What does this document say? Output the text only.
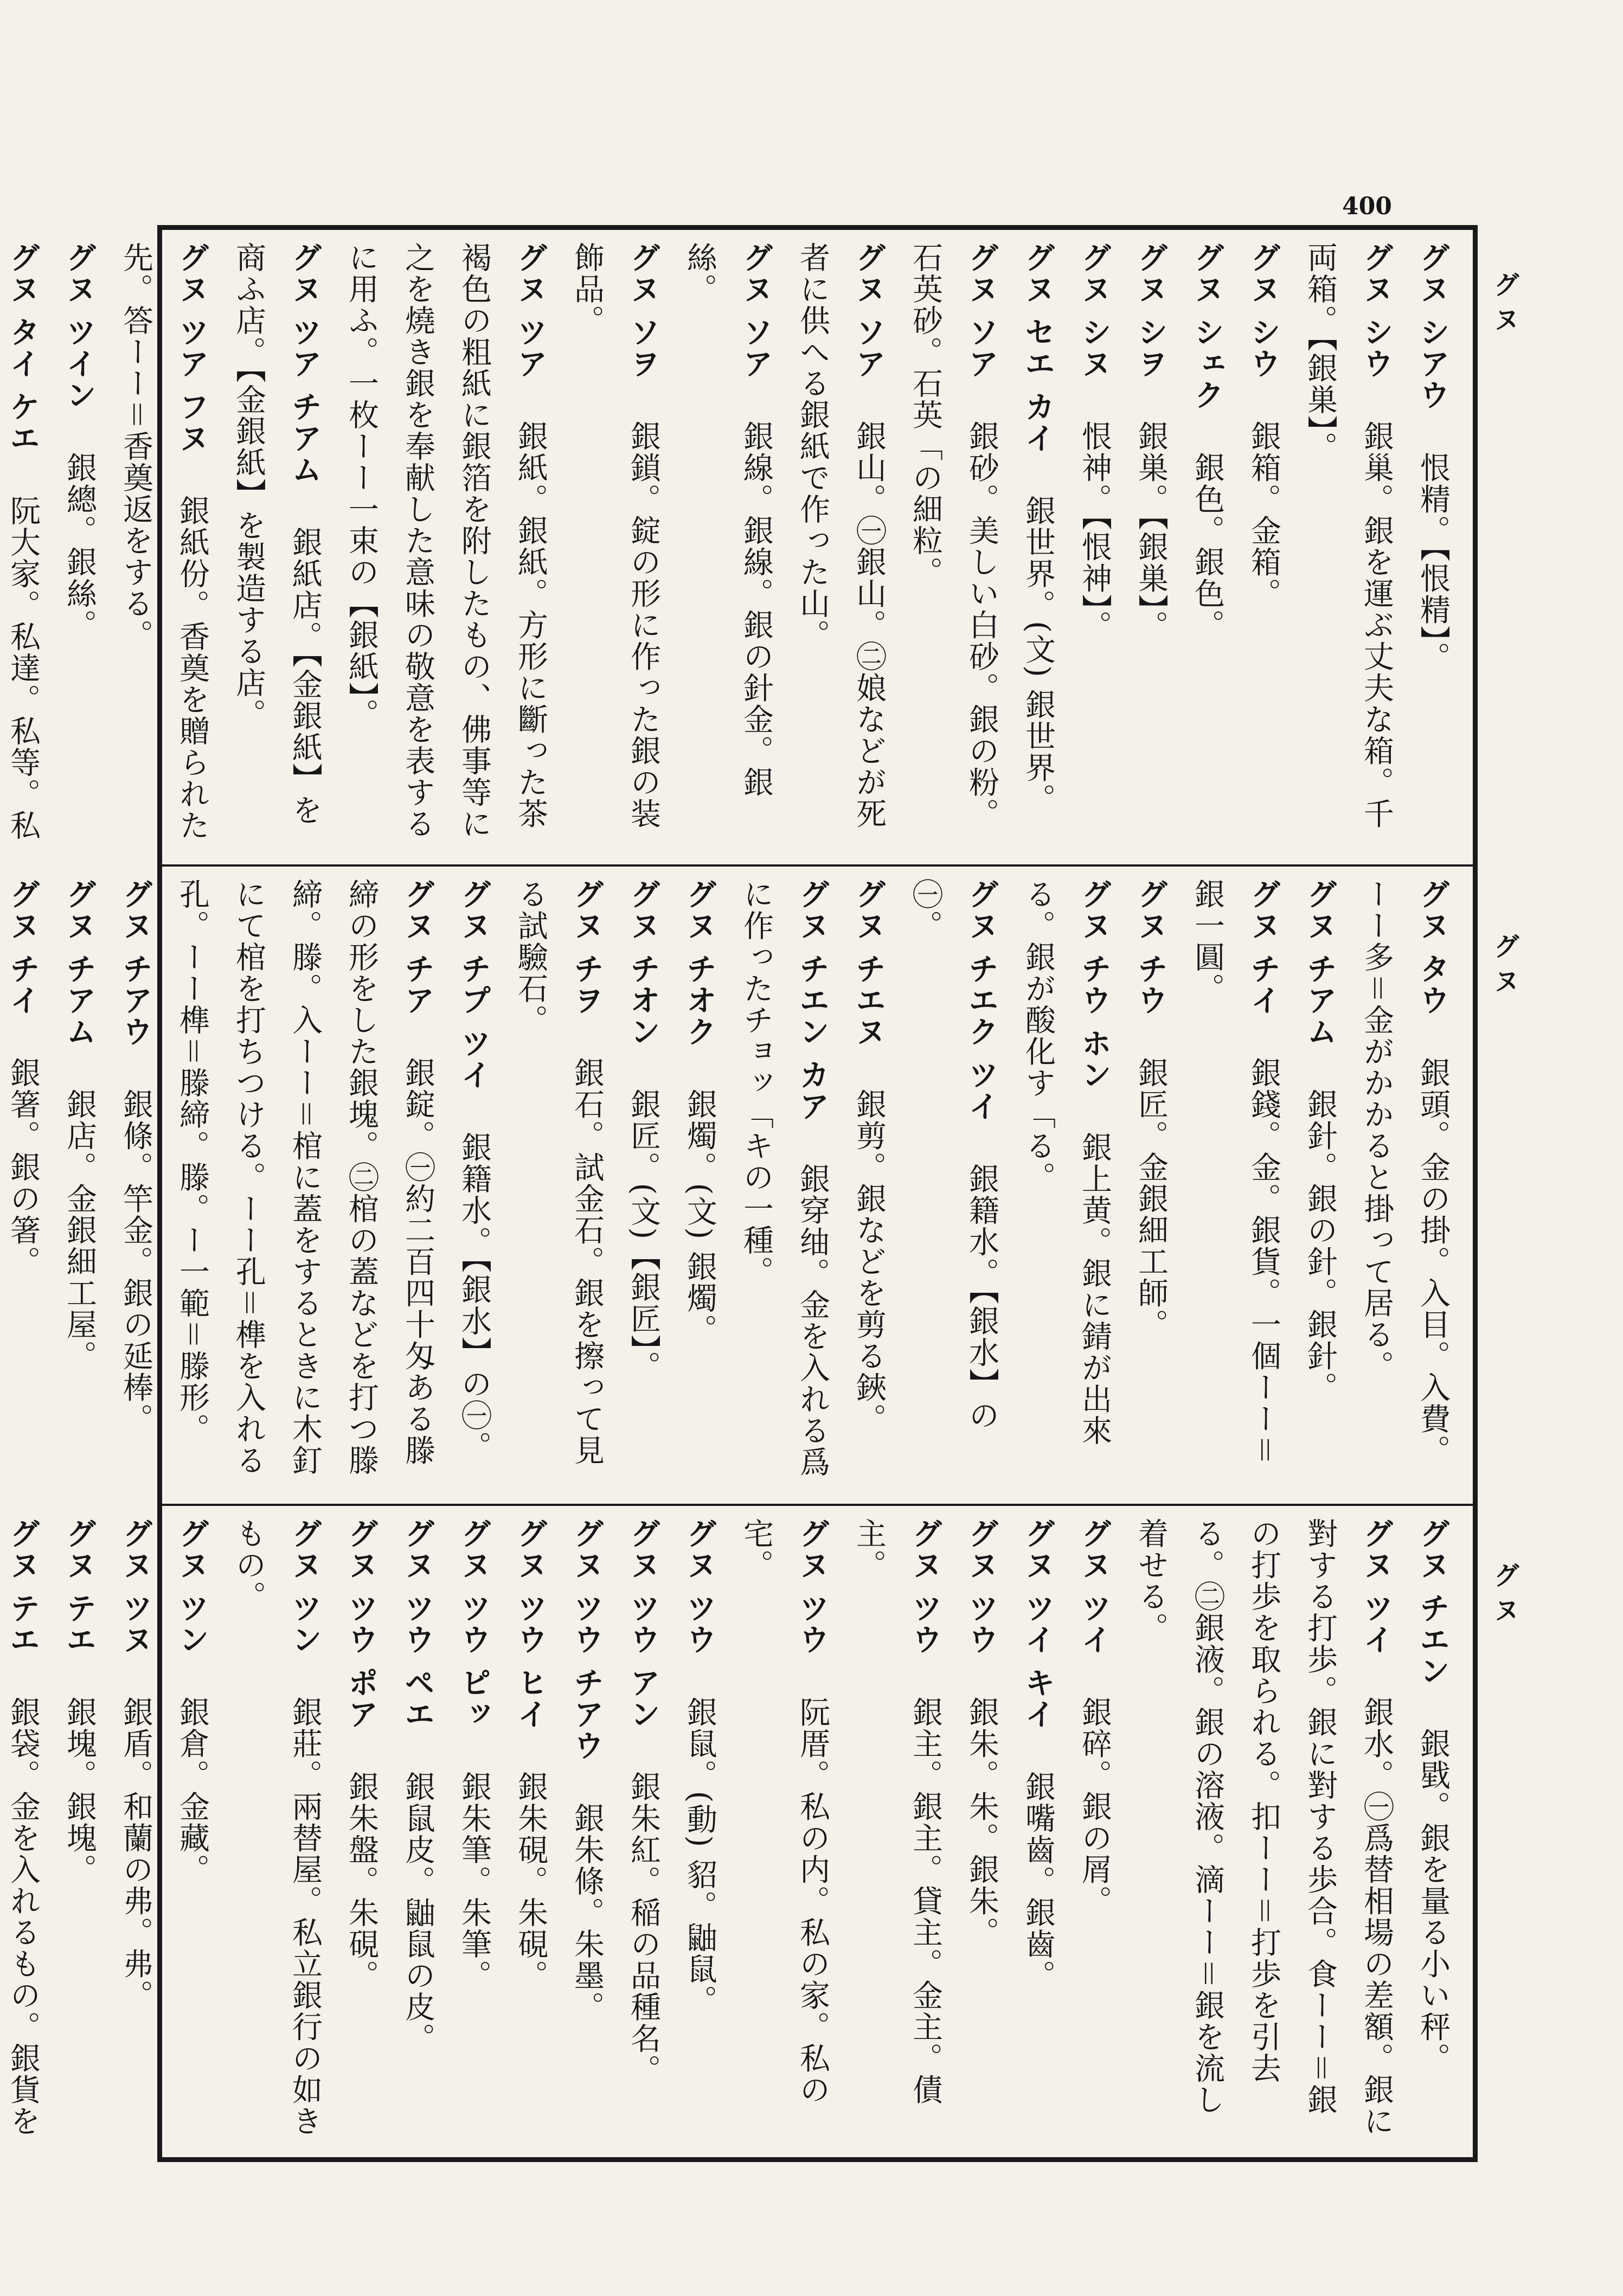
400
グヌ
グヌ
グヌ
グヌ シアウ　恨精。【恨精】。
グヌ シウ　銀巢。銀を運ぶ丈夫な箱。千両箱。【銀巣】。
グヌ シウ　銀箱。金箱。
グヌ シェク　銀色。銀色。
グヌ シヲ　銀巣。【銀巣】。
グヌ シヌ　恨神。【恨神】。
グヌ セエ カイ　銀世界。(文) 銀世界。
グヌ ソア　銀砂。美しい白砂。銀の粉。石英砂。石英「の細粒。
グヌ ソア　銀山。㊀銀山。㊁娘などが死者に供へる銀紙で作った山。
グヌ ソア　銀線。銀線。銀の針金。銀絲。
グヌ ソヲ　銀鎖。錠の形に作った銀の装飾品。
グヌ ツア　銀紙。銀紙。方形に斷った茶褐色の粗紙に銀箔を附したもの、佛事等に之を燒き銀を奉献した意味の敬意を表するに用ふ。一枚ーー一束の【銀紙】。
グヌ ツア チアム　銀紙店。【金銀紙】を商ふ店。【金銀紙】を製造する店。
グヌ ツア フヌ　銀紙份。香奠を贈られた先。答ーー＝香奠返をする。
グヌ ツイン　銀總。銀絲。
グヌ タイ ケエ　阮大家。私達。私等。私

グヌ タウ　銀頭。金の掛。入目。入費。ーー多＝金がかかると掛って居る。
グヌ チアム　銀針。銀の針。銀針。
グヌ チイ　銀錢。金。銀貨。一個ーー＝銀一圓。
グヌ チウ　銀匠。金銀細工師。
グヌ チウ ホン　銀上黄。銀に錆が出來る。銀が酸化す「る。
グヌ チエク ツイ　銀籍水。【銀水】の㊀。
グヌ チエヌ　銀剪。銀などを剪る鋏。
グヌ チエン カア　銀穿䌷。金を入れる爲に作ったチョッ「キの一種。
グヌ チオク　銀燭。(文) 銀燭。
グヌ チオン　銀匠。(文)【銀匠】。
グヌ チヲ　銀石。試金石。銀を擦って見る試驗石。
グヌ チプ ツイ　銀籍水。【銀水】の㊀。
グヌ チア　銀錠。㊀約二百四十匁ある滕締の形をした銀塊。㊁棺の蓋などを打つ滕締。滕。入ーー＝棺に蓋をするときに木釘にて棺を打ちつける。ーー孔＝榫を入れる孔。ーー榫＝滕締。滕。ー一範＝滕形。
グヌ チアウ　銀條。竿金。銀の延棒。
グヌ チアム　銀店。金銀細工屋。
グヌ チイ　銀箸。銀の箸。

グヌ チエン　銀戥。銀を量る小い秤。
グヌ ツイ　銀水。㊀爲替相場の差額。銀に對する打歩。銀に對する歩合。食ーー＝銀の打歩を取られる。扣ーー＝打歩を引去る。㊁銀液。銀の溶液。滴ーー＝銀を流し着せる。
グヌ ツイ　銀碎。銀の屑。
グヌ ツイ キイ　銀嘴齒。銀齒。
グヌ ツウ　銀朱。朱。銀朱。
グヌ ツウ　銀主。銀主。貸主。金主。債主。
グヌ ツウ　阮厝。私の内。私の家。私の宅。
グヌ ツウ　銀鼠。(動) 貂。鼬鼠。
グヌ ツウ アン　銀朱紅。稲の品種名。
グヌ ツウ チアウ　銀朱條。朱墨。
グヌ ツウ ヒイ　銀朱硯。朱硯。
グヌ ツウ ピッ　銀朱筆。朱筆。
グヌ ツウ ペエ　銀鼠皮。鼬鼠の皮。
グヌ ツウ ポア　銀朱盤。朱硯。
グヌ ツン　銀莊。兩替屋。私立銀行の如きもの。
グヌ ツン　銀倉。金藏。
グヌ ツヌ　銀盾。和蘭の弗。弗。
グヌ テエ　銀塊。銀塊。
グヌ テエ　銀袋。金を入れるもの。銀貨を
